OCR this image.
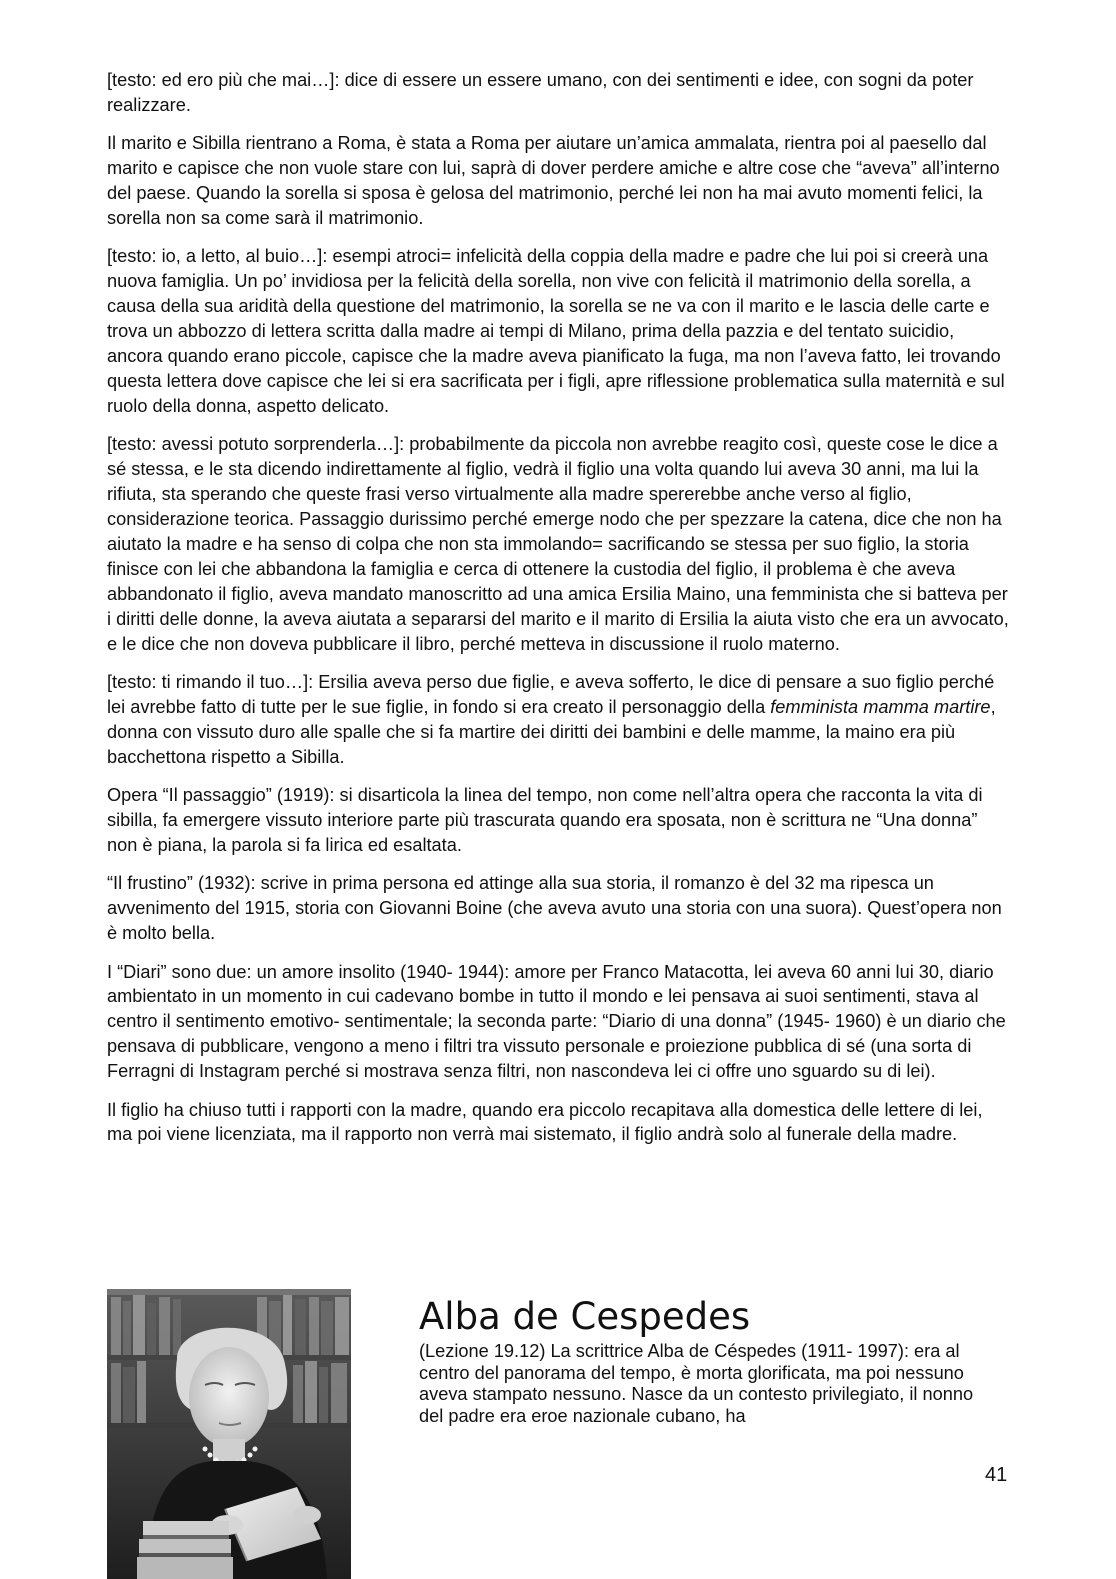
[testo: ed ero più che mai…]: dice di essere un essere umano, con dei sentimenti e idee, con sogni da poter realizzare.

Il marito e Sibilla rientrano a Roma, è stata a Roma per aiutare un’amica ammalata, rientra poi al paesello dal marito e capisce che non vuole stare con lui, saprà di dover perdere amiche e altre cose che “aveva” all’interno del paese. Quando la sorella si sposa è gelosa del matrimonio, perché lei non ha mai avuto momenti felici, la sorella non sa come sarà il matrimonio.

[testo: io, a letto, al buio…]: esempi atroci= infelicità della coppia della madre e padre che lui poi si creerà una nuova famiglia. Un po’ invidiosa per la felicità della sorella, non vive con felicità il matrimonio della sorella, a causa della sua aridità della questione del matrimonio, la sorella se ne va con il marito e le lascia delle carte e trova un abbozzo di lettera scritta dalla madre ai tempi di Milano, prima della pazzia e del tentato suicidio, ancora quando erano piccole, capisce che la madre aveva pianificato la fuga, ma non l’aveva fatto, lei trovando questa lettera dove capisce che lei si era sacrificata per i figli, apre riflessione problematica sulla maternità e sul ruolo della donna, aspetto delicato.

[testo: avessi potuto sorprenderla…]: probabilmente da piccola non avrebbe reagito così, queste cose le dice a sé stessa, e le sta dicendo indirettamente al figlio, vedrà il figlio una volta quando lui aveva 30 anni, ma lui la rifiuta, sta sperando che queste frasi verso virtualmente alla madre spererebbe anche verso al figlio, considerazione teorica. Passaggio durissimo perché emerge nodo che per spezzare la catena, dice che non ha aiutato la madre e ha senso di colpa che non sta immolando= sacrificando se stessa per suo figlio, la storia finisce con lei che abbandona la famiglia e cerca di ottenere la custodia del figlio, il problema è che aveva abbandonato il figlio, aveva mandato manoscritto ad una amica Ersilia Maino, una femminista che si batteva per i diritti delle donne, la aveva aiutata a separarsi del marito e il marito di Ersilia la aiuta visto che era un avvocato, e le dice che non doveva pubblicare il libro, perché metteva in discussione il ruolo materno.

[testo: ti rimando il tuo…]: Ersilia aveva perso due figlie, e aveva sofferto, le dice di pensare a suo figlio perché lei avrebbe fatto di tutte per le sue figlie, in fondo si era creato il personaggio della femminista mamma martire, donna con vissuto duro alle spalle che si fa martire dei diritti dei bambini e delle mamme, la maino era più bacchettona rispetto a Sibilla.

Opera “Il passaggio” (1919): si disarticola la linea del tempo, non come nell’altra opera che racconta la vita di sibilla, fa emergere vissuto interiore parte più trascurata quando era sposata, non è scrittura ne “Una donna” non è piana, la parola si fa lirica ed esaltata.

“Il frustino” (1932): scrive in prima persona ed attinge alla sua storia, il romanzo è del 32 ma ripesca un avvenimento del 1915, storia con Giovanni Boine (che aveva avuto una storia con una suora). Quest’opera non è molto bella.

I “Diari” sono due: un amore insolito (1940- 1944): amore per Franco Matacotta, lei aveva 60 anni lui 30, diario ambientato in un momento in cui cadevano bombe in tutto il mondo e lei pensava ai suoi sentimenti, stava al centro il sentimento emotivo- sentimentale; la seconda parte: “Diario di una donna” (1945- 1960) è un diario che pensava di pubblicare, vengono a meno i filtri tra vissuto personale e proiezione pubblica di sé (una sorta di Ferragni di Instagram perché si mostrava senza filtri, non nascondeva lei ci offre uno sguardo su di lei).

Il figlio ha chiuso tutti i rapporti con la madre, quando era piccolo recapitava alla domestica delle lettere di lei, ma poi viene licenziata, ma il rapporto non verrà mai sistemato, il figlio andrà solo al funerale della madre.

Alba de Cespedes

(Lezione 19.12) La scrittrice Alba de Céspedes (1911- 1997): era al centro del panorama del tempo, è morta glorificata, ma poi nessuno aveva stampato nessuno. Nasce da un contesto privilegiato, il nonno del padre era eroe nazionale cubano, ha

41
